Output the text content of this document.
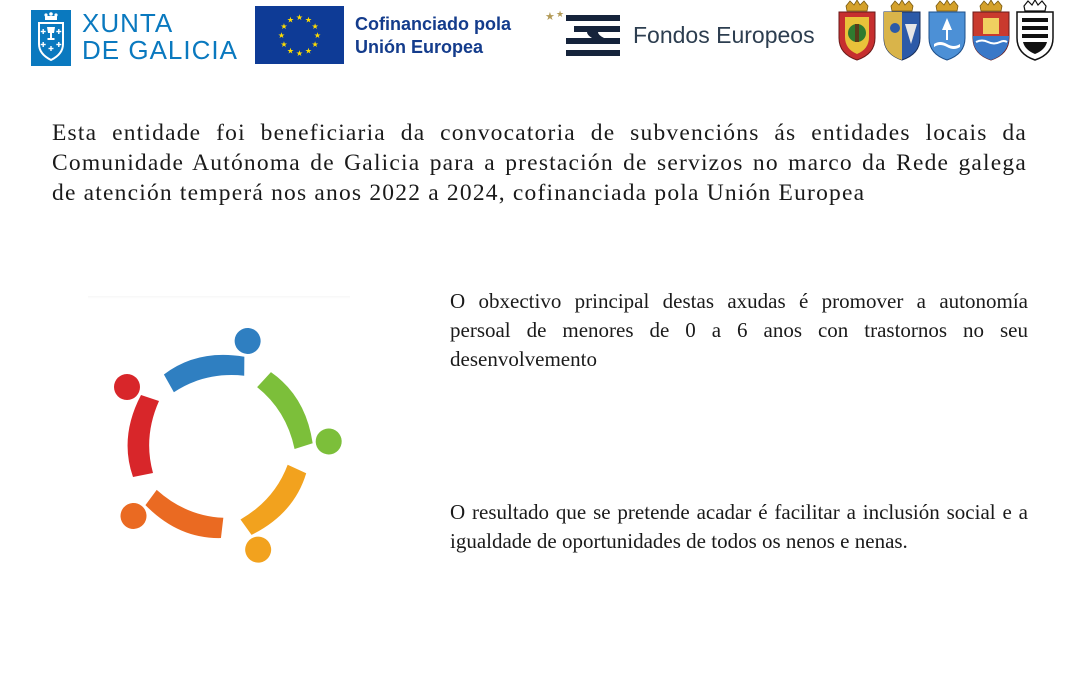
XUNTA
DE GALICIA
★ ★
★
★
★
★
★
★
★
★
★
★	Cofinanciado pola
Unión Europea
★ ★
Fondos Europeos

Esta entidade foi beneficiaria da convocatoria de subvencións ás entidades locais da Comunidade Autónoma de Galicia para a prestación de servizos no marco da Rede galega de atención temperá nos anos 2022 a 2024, cofinanciada pola Unión Europea

O obxectivo principal destas axudas é promover a autonomía persoal de menores de 0 a 6 anos con trastornos no seu desenvolvemento

O resultado que se pretende acadar é facilitar a inclusión social e a igualdade de oportunidades de todos os nenos e nenas.
